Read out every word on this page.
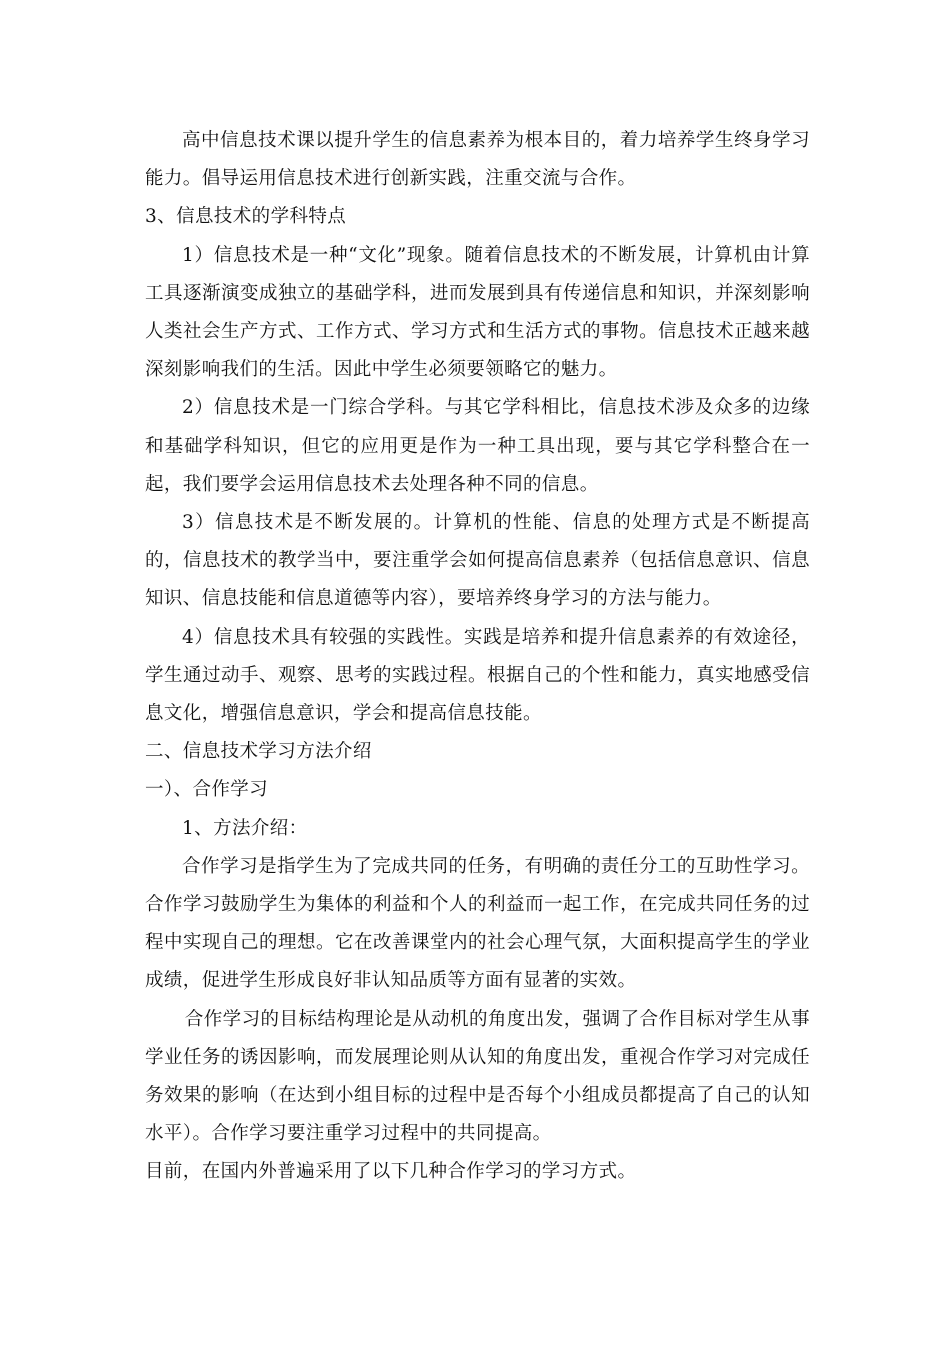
高中信息技术课以提升学生的信息素养为根本目的，着力培养学生终身学习能力。倡导运用信息技术进行创新实践，注重交流与合作。

3、信息技术的学科特点

1）信息技术是一种“文化”现象。随着信息技术的不断发展，计算机由计算工具逐渐演变成独立的基础学科，进而发展到具有传递信息和知识，并深刻影响人类社会生产方式、工作方式、学习方式和生活方式的事物。信息技术正越来越深刻影响我们的生活。因此中学生必须要领略它的魅力。

2）信息技术是一门综合学科。与其它学科相比，信息技术涉及众多的边缘和基础学科知识，但它的应用更是作为一种工具出现，要与其它学科整合在一起，我们要学会运用信息技术去处理各种不同的信息。

3）信息技术是不断发展的。计算机的性能、信息的处理方式是不断提高的，信息技术的教学当中，要注重学会如何提高信息素养（包括信息意识、信息知识、信息技能和信息道德等内容），要培养终身学习的方法与能力。

4）信息技术具有较强的实践性。实践是培养和提升信息素养的有效途径，学生通过动手、观察、思考的实践过程。根据自己的个性和能力，真实地感受信息文化，增强信息意识，学会和提高信息技能。

二、信息技术学习方法介绍

一）、合作学习

1、方法介绍：

合作学习是指学生为了完成共同的任务，有明确的责任分工的互助性学习。合作学习鼓励学生为集体的利益和个人的利益而一起工作，在完成共同任务的过程中实现自己的理想。它在改善课堂内的社会心理气氛，大面积提高学生的学业成绩，促进学生形成良好非认知品质等方面有显著的实效。

合作学习的目标结构理论是从动机的角度出发，强调了合作目标对学生从事学业任务的诱因影响，而发展理论则从认知的角度出发，重视合作学习对完成任务效果的影响（在达到小组目标的过程中是否每个小组成员都提高了自己的认知水平）。合作学习要注重学习过程中的共同提高。

目前，在国内外普遍采用了以下几种合作学习的学习方式。
